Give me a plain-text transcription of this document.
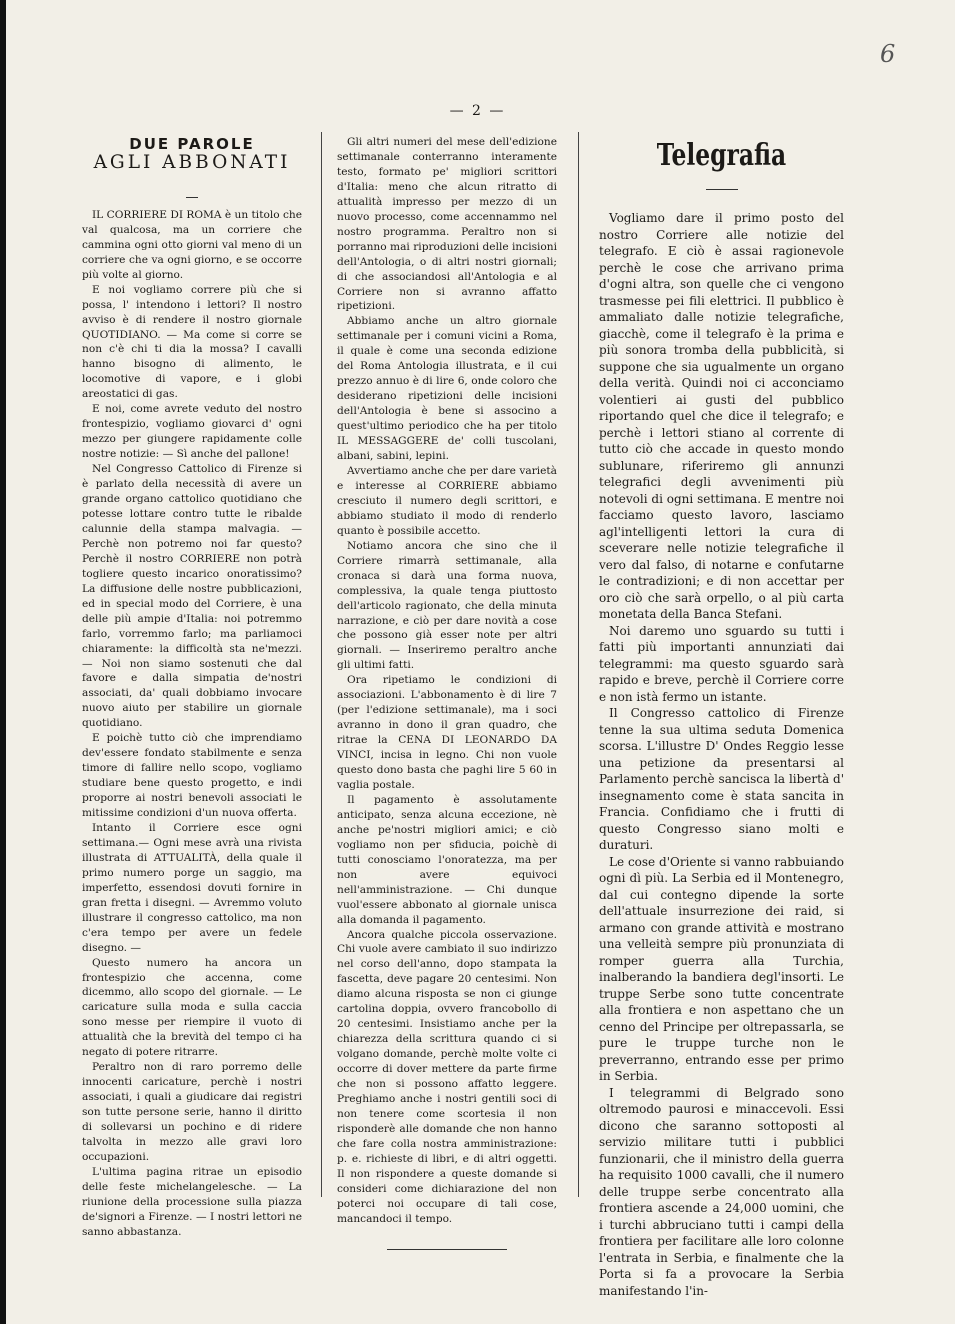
6
— 2 —
DUE PAROLE
AGLI ABBONATI

IL CORRIERE DI ROMA è un titolo che val qualcosa, ma un corriere che cammina ogni otto giorni val meno di un corriere che va ogni giorno, e se occorre più volte al giorno.

E noi vogliamo correre più che si possa, l' intendono i lettori? Il nostro avviso è di rendere il nostro giornale QUOTIDIANO. — Ma come si corre se non c'è chi ti dia la mossa? I cavalli hanno bisogno di alimento, le locomotive di vapore, e i globi areostatici di gas.

E noi, come avrete veduto del nostro frontespizio, vogliamo giovarci d' ogni mezzo per giungere rapidamente colle nostre notizie: — Sì anche del pallone!

Nel Congresso Cattolico di Firenze si è parlato della necessità di avere un grande organo cattolico quotidiano che potesse lottare contro tutte le ribalde calunnie della stampa malvagia. — Perchè non potremo noi far questo? Perchè il nostro CORRIERE non potrà togliere questo incarico onoratissimo? La diffusione delle nostre pubblicazioni, ed in special modo del Corriere, è una delle più ampie d'Italia: noi potremmo farlo, vorremmo farlo; ma parliamoci chiaramente: la difficoltà sta ne'mezzi. — Noi non siamo sostenuti che dal favore e dalla simpatia de'nostri associati, da' quali dobbiamo invocare nuovo aiuto per stabilire un giornale quotidiano.

E poichè tutto ciò che imprendiamo dev'essere fondato stabilmente e senza timore di fallire nello scopo, vogliamo studiare bene questo progetto, e indi proporre ai nostri benevoli associati le mitissime condizioni d'un nuova offerta.

Intanto il Corriere esce ogni settimana.— Ogni mese avrà una rivista illustrata di ATTUALITÀ, della quale il primo numero porge un saggio, ma imperfetto, essendosi dovuti fornire in gran fretta i disegni. — Avremmo voluto illustrare il congresso cattolico, ma non c'era tempo per avere un fedele disegno. —

Questo numero ha ancora un frontespizio che accenna, come dicemmo, allo scopo del giornale. — Le caricature sulla moda e sulla caccia sono messe per riempire il vuoto di attualità che la brevità del tempo ci ha negato di potere ritrarre.

Peraltro non di raro porremo delle innocenti caricature, perchè i nostri associati, i quali a giudicare dai registri son tutte persone serie, hanno il diritto di sollevarsi un pochino e di ridere talvolta in mezzo alle gravi loro occupazioni.

L'ultima pagina ritrae un episodio delle feste michelangelesche. — La riunione della processione sulla piazza de'signori a Firenze. — I nostri lettori ne sanno abbastanza.

Gli altri numeri del mese dell'edizione settimanale conterranno interamente testo, formato pe' migliori scrittori d'Italia: meno che alcun ritratto di attualità impresso per mezzo di un nuovo processo, come accennammo nel nostro programma. Peraltro non si porranno mai riproduzioni delle incisioni dell'Antologia, o di altri nostri giornali; di che associandosi all'Antologia e al Corriere non si avranno affatto ripetizioni.

Abbiamo anche un altro giornale settimanale per i comuni vicini a Roma, il quale è come una seconda edizione del Roma Antologia illustrata, e il cui prezzo annuo è di lire 6, onde coloro che desiderano ripetizioni delle incisioni dell'Antologia è bene si associno a quest'ultimo periodico che ha per titolo IL MESSAGGERE de' colli tuscolani, albani, sabini, lepini.

Avvertiamo anche che per dare varietà e interesse al CORRIERE abbiamo cresciuto il numero degli scrittori, e abbiamo studiato il modo di renderlo quanto è possibile accetto.

Notiamo ancora che sino che il Corriere rimarrà settimanale, alla cronaca si darà una forma nuova, complessiva, la quale tenga piuttosto dell'articolo ragionato, che della minuta narrazione, e ciò per dare novità a cose che possono già esser note per altri giornali. — Inseriremo peraltro anche gli ultimi fatti.

Ora ripetiamo le condizioni di associazioni. L'abbonamento è di lire 7 (per l'edizione settimanale), ma i soci avranno in dono il gran quadro, che ritrae la CENA DI LEONARDO DA VINCI, incisa in legno. Chi non vuole questo dono basta che paghi lire 5 60 in vaglia postale.

Il pagamento è assolutamente anticipato, senza alcuna eccezione, nè anche pe'nostri migliori amici; e ciò vogliamo non per sfiducia, poichè di tutti conosciamo l'onoratezza, ma per non avere equivoci nell'amministrazione. — Chi dunque vuol'essere abbonato al giornale unisca alla domanda il pagamento.

Ancora qualche piccola osservazione. Chi vuole avere cambiato il suo indirizzo nel corso dell'anno, dopo stampata la fascetta, deve pagare 20 centesimi. Non diamo alcuna risposta se non ci giunge cartolina doppia, ovvero francobollo di 20 centesimi. Insistiamo anche per la chiarezza della scrittura quando ci si volgano domande, perchè molte volte ci occorre di dover mettere da parte firme che non si possono affatto leggere. Preghiamo anche i nostri gentili soci di non tenere come scortesia il non risponderè alle domande che non hanno che fare colla nostra amministrazione: p. e. richieste di libri, e di altri oggetti. Il non rispondere a queste domande si consideri come dichiarazione del non poterci noi occupare di tali cose, mancandoci il tempo.

Telegrafia

Vogliamo dare il primo posto del nostro Corriere alle notizie del telegrafo. E ciò è assai ragionevole perchè le cose che arrivano prima d'ogni altra, son quelle che ci vengono trasmesse pei fili elettrici. Il pubblico è ammaliato dalle notizie telegrafiche, giacchè, come il telegrafo è la prima e più sonora tromba della pubblicità, si suppone che sia ugualmente un organo della verità. Quindi noi ci acconciamo volentieri ai gusti del pubblico riportando quel che dice il telegrafo; e perchè i lettori stiano al corrente di tutto ciò che accade in questo mondo sublunare, riferiremo gli annunzi telegrafici degli avvenimenti più notevoli di ogni settimana. E mentre noi facciamo questo lavoro, lasciamo agl'intelligenti lettori la cura di sceverare nelle notizie telegrafiche il vero dal falso, di notarne e confutarne le contradizioni; e di non accettar per oro ciò che sarà orpello, o al più carta monetata della Banca Stefani.

Noi daremo uno sguardo su tutti i fatti più importanti annunziati dai telegrammi: ma questo sguardo sarà rapido e breve, perchè il Corriere corre e non istà fermo un istante.

Il Congresso cattolico di Firenze tenne la sua ultima seduta Domenica scorsa. L'illustre D' Ondes Reggio lesse una petizione da presentarsi al Parlamento perchè sancisca la libertà d' insegnamento come è stata sancita in Francia. Confidiamo che i frutti di questo Congresso siano molti e duraturi.

Le cose d'Oriente si vanno rabbuiando ogni dì più. La Serbia ed il Montenegro, dal cui contegno dipende la sorte dell'attuale insurrezione dei raid, si armano con grande attività e mostrano una velleità sempre più pronunziata di romper guerra alla Turchia, inalberando la bandiera degl'insorti. Le truppe Serbe sono tutte concentrate alla frontiera e non aspettano che un cenno del Principe per oltrepassarla, se pure le truppe turche non le preverranno, entrando esse per primo in Serbia.

I telegrammi di Belgrado sono oltremodo paurosi e minaccevoli. Essi dicono che saranno sottoposti al servizio militare tutti i pubblici funzionarii, che il ministro della guerra ha requisito 1000 cavalli, che il numero delle truppe serbe concentrato alla frontiera ascende a 24,000 uomini, che i turchi abbruciano tutti i campi della frontiera per facilitare alle loro colonne l'entrata in Serbia, e finalmente che la Porta si fa a provocare la Serbia manifestando l'in-
